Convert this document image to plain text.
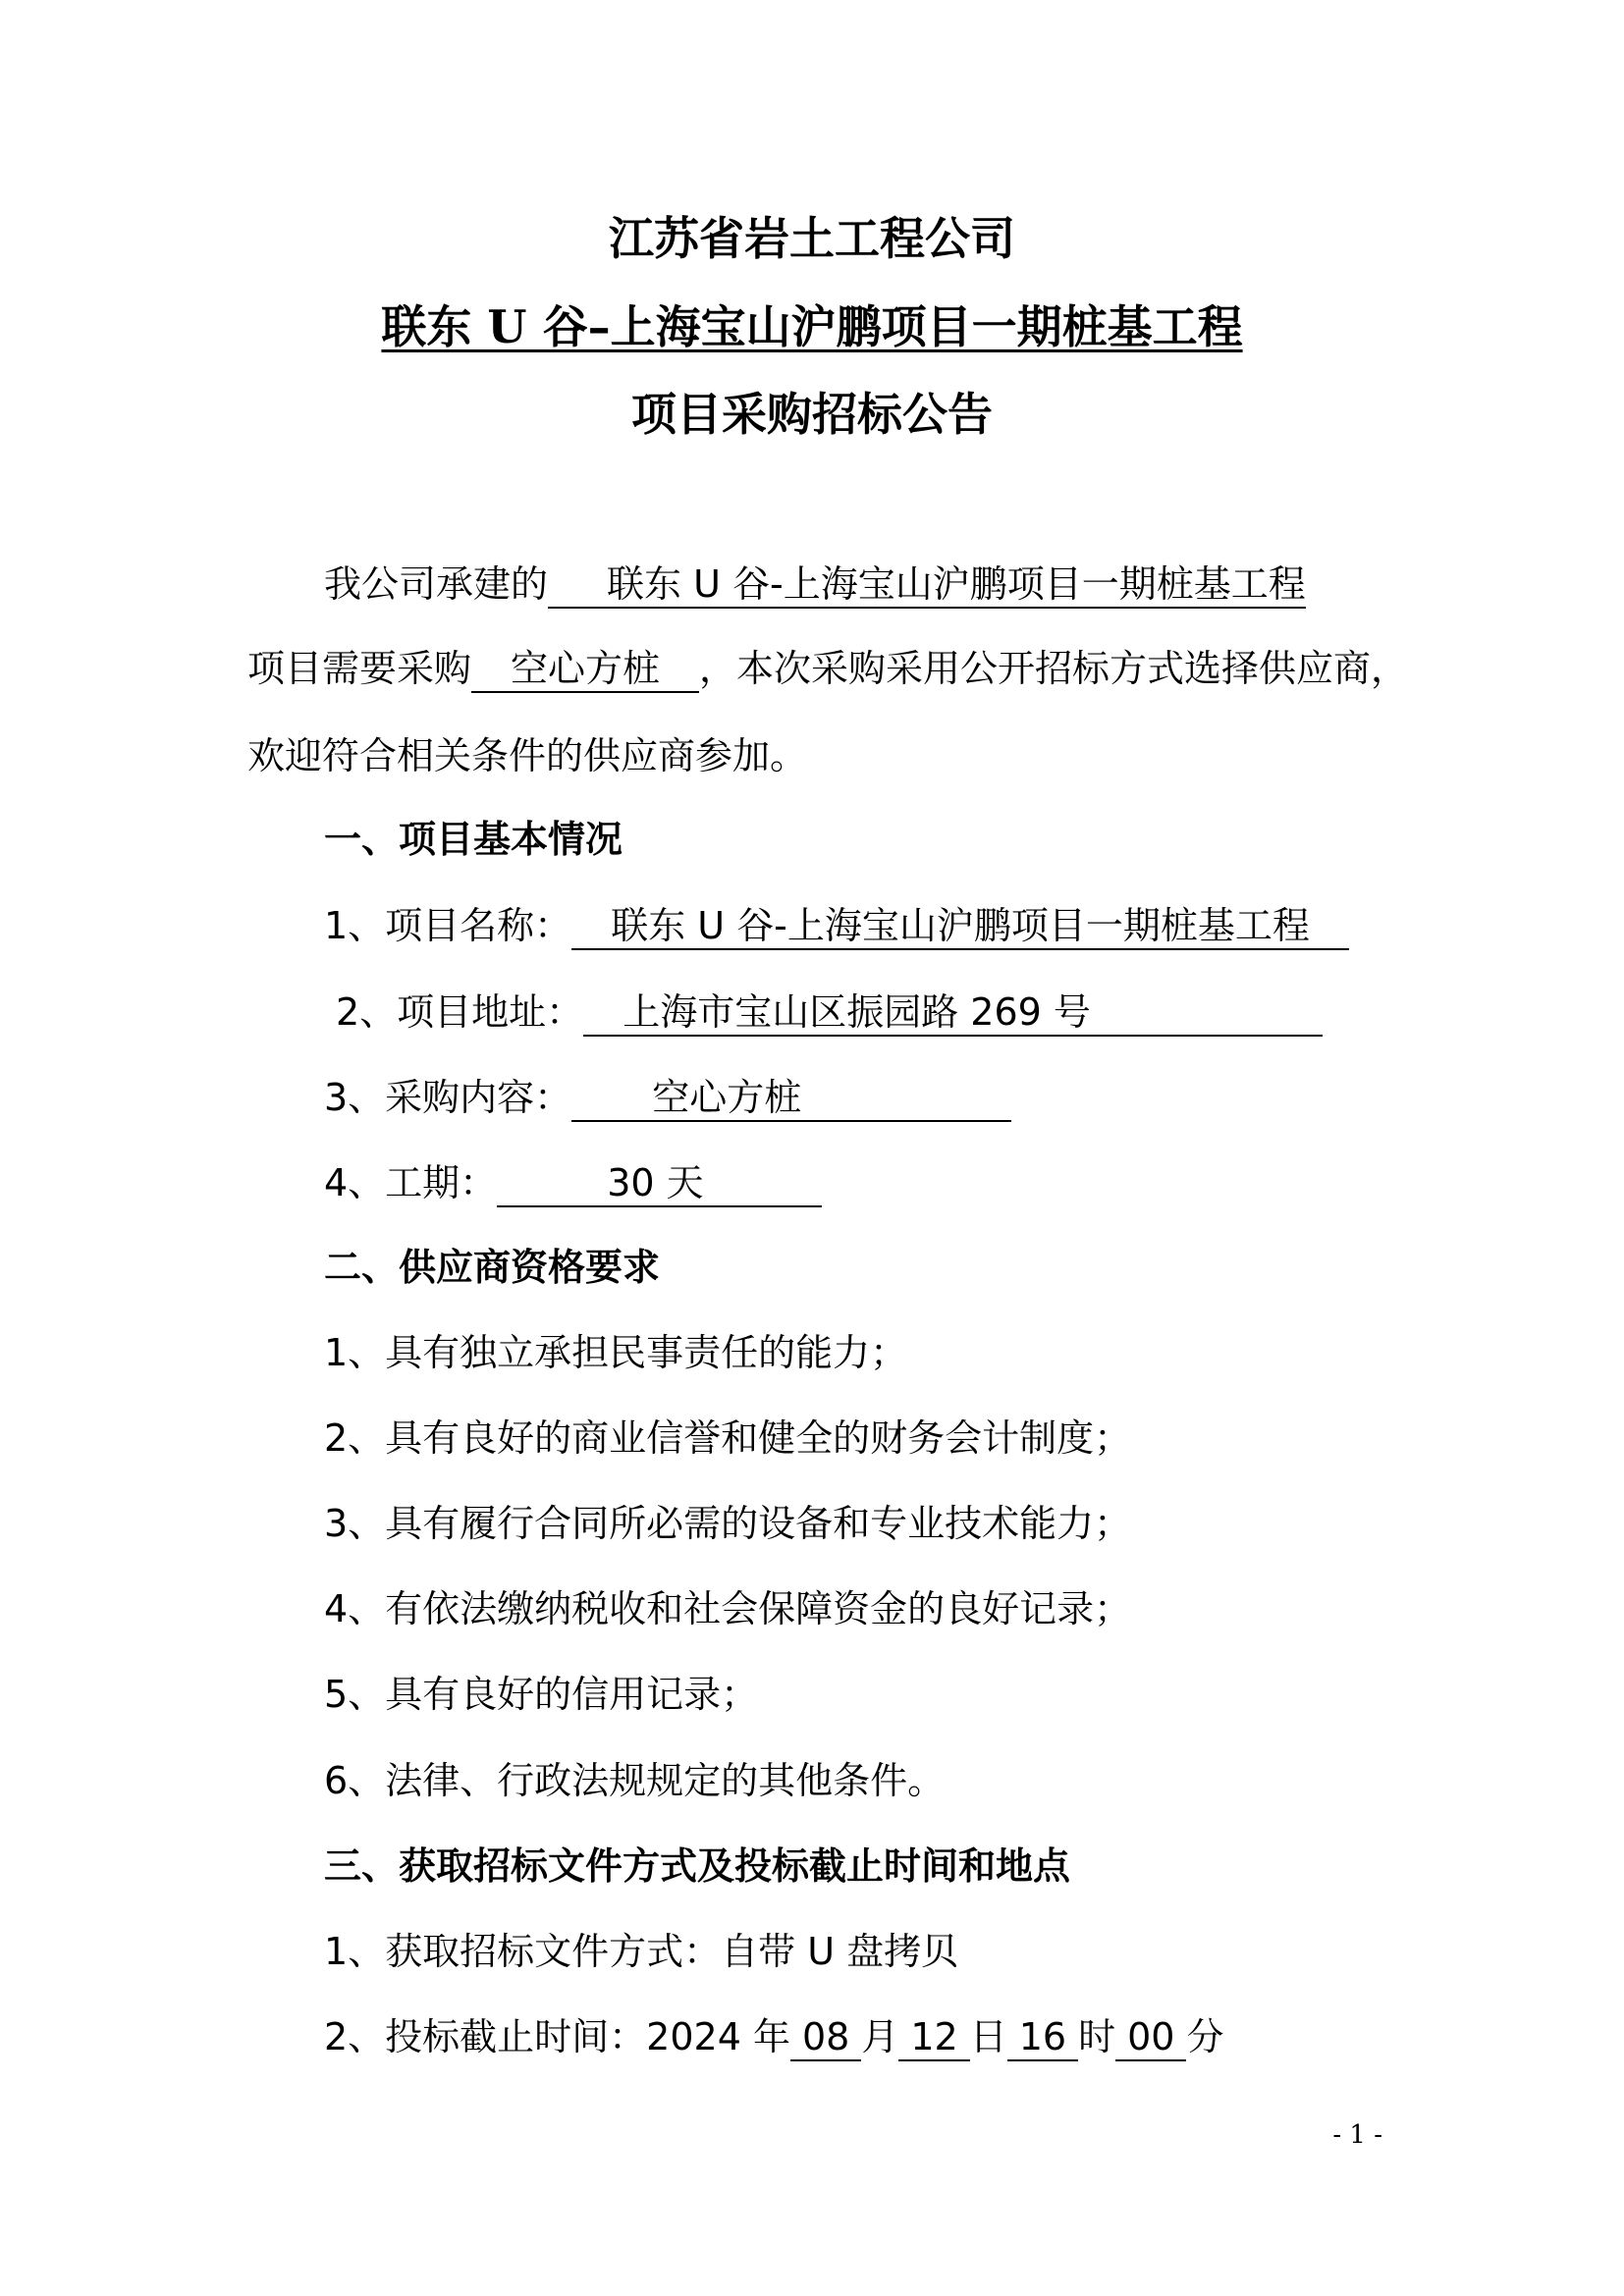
江苏省岩土工程公司
联东 U 谷–上海宝山沪鹏项目一期桩基工程
项目采购招标公告
我公司承建的 联东 U 谷-上海宝山沪鹏项目一期桩基工程
项目需要采购 空心方桩 ，本次采购采用公开招标方式选择供应商，
欢迎符合相关条件的供应商参加。
一、项目基本情况
1、项目名称： 联东 U 谷-上海宝山沪鹏项目一期桩基工程
2、项目地址： 上海市宝山区振园路 269 号
3、采购内容： 空心方桩
4、工期：	30 天
二、供应商资格要求
1、具有独立承担民事责任的能力；
2、具有良好的商业信誉和健全的财务会计制度；
3、具有履行合同所必需的设备和专业技术能力；
4、有依法缴纳税收和社会保障资金的良好记录；
5、具有良好的信用记录；
6、法律、行政法规规定的其他条件。
三、获取招标文件方式及投标截止时间和地点
1、获取招标文件方式：自带 U 盘拷贝
2、投标截止时间：2024 年 08 月 12 日 16 时 00 分
- 1 -
